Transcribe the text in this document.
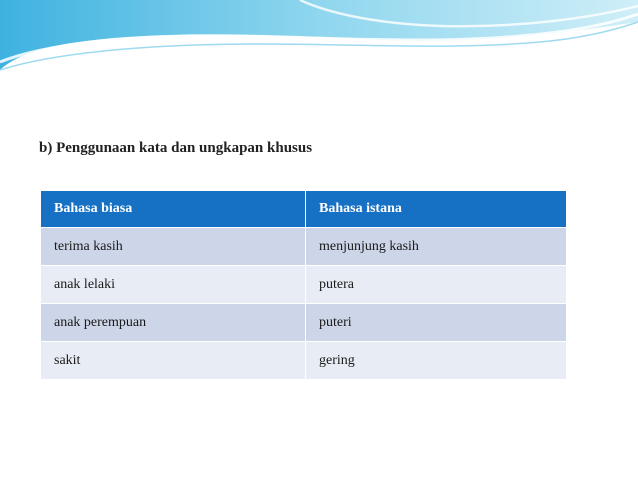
b) Penggunaan kata dan ungkapan khusus
Bahasa biasa	Bahasa istana
terima kasih	menjunjung kasih
anak lelaki	putera
anak perempuan	puteri
sakit	gering
